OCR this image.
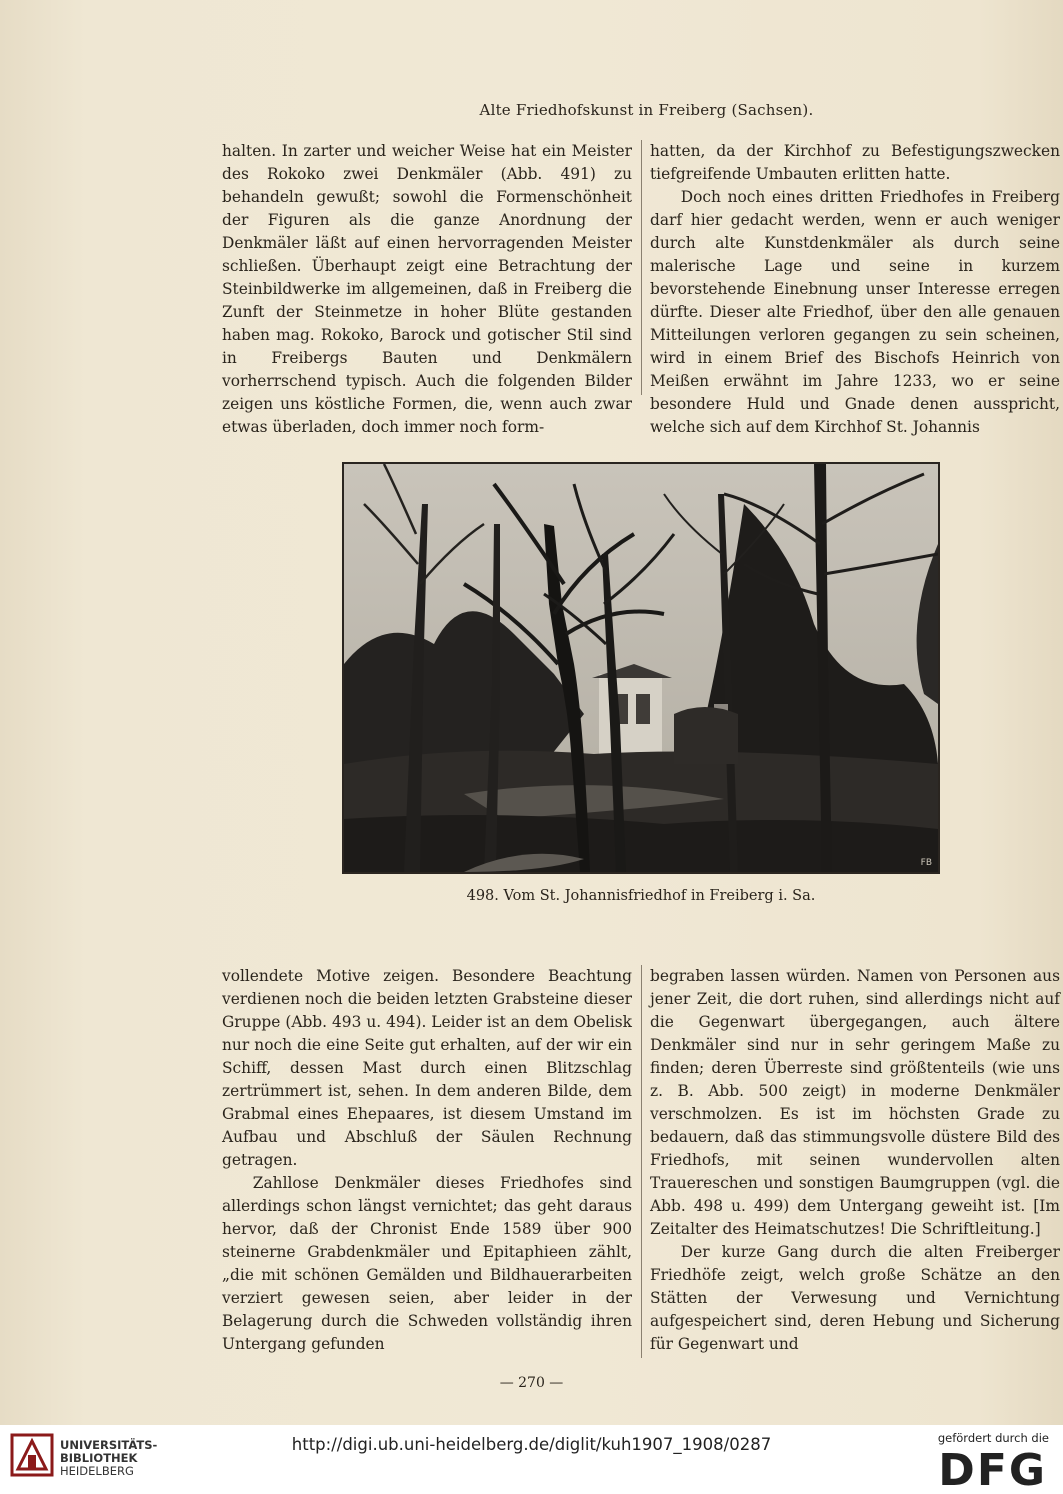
Alte Friedhofskunst in Freiberg (Sachsen).

halten. In zarter und weicher Weise hat ein Meister des Rokoko zwei Denkmäler (Abb. 491) zu behandeln gewußt; sowohl die Formenschönheit der Figuren als die ganze Anordnung der Denkmäler läßt auf einen hervorragenden Meister schließen. Überhaupt zeigt eine Betrachtung der Steinbildwerke im allgemeinen, daß in Freiberg die Zunft der Steinmetze in hoher Blüte gestanden haben mag. Rokoko, Barock und gotischer Stil sind in Freibergs Bauten und Denkmälern vorherrschend typisch. Auch die folgenden Bilder zeigen uns köstliche Formen, die, wenn auch zwar etwas überladen, doch immer noch form-

hatten, da der Kirchhof zu Befestigungszwecken tiefgreifende Umbauten erlitten hatte.

Doch noch eines dritten Friedhofes in Freiberg darf hier gedacht werden, wenn er auch weniger durch alte Kunstdenkmäler als durch seine malerische Lage und seine in kurzem bevorstehende Einebnung unser Interesse erregen dürfte. Dieser alte Friedhof, über den alle genauen Mitteilungen verloren gegangen zu sein scheinen, wird in einem Brief des Bischofs Heinrich von Meißen erwähnt im Jahre 1233, wo er seine besondere Huld und Gnade denen ausspricht, welche sich auf dem Kirchhof St. Johannis

FB
498. Vom St. Johannisfriedhof in Freiberg i. Sa.

vollendete Motive zeigen. Besondere Beachtung verdienen noch die beiden letzten Grabsteine dieser Gruppe (Abb. 493 u. 494). Leider ist an dem Obelisk nur noch die eine Seite gut erhalten, auf der wir ein Schiff, dessen Mast durch einen Blitzschlag zertrümmert ist, sehen. In dem anderen Bilde, dem Grabmal eines Ehepaares, ist diesem Umstand im Aufbau und Abschluß der Säulen Rechnung getragen.

Zahllose Denkmäler dieses Friedhofes sind allerdings schon längst vernichtet; das geht daraus hervor, daß der Chronist Ende 1589 über 900 steinerne Grabdenkmäler und Epitaphieen zählt, „die mit schönen Gemälden und Bildhauerarbeiten verziert gewesen seien, aber leider in der Belagerung durch die Schweden vollständig ihren Untergang gefunden

begraben lassen würden. Namen von Personen aus jener Zeit, die dort ruhen, sind allerdings nicht auf die Gegenwart übergegangen, auch ältere Denkmäler sind nur in sehr geringem Maße zu finden; deren Überreste sind größtenteils (wie uns z. B. Abb. 500 zeigt) in moderne Denkmäler verschmolzen. Es ist im höchsten Grade zu bedauern, daß das stimmungsvolle düstere Bild des Friedhofs, mit seinen wundervollen alten Trauereschen und sonstigen Baumgruppen (vgl. die Abb. 498 u. 499) dem Untergang geweiht ist. [Im Zeitalter des Heimatschutzes! Die Schriftleitung.]

Der kurze Gang durch die alten Freiberger Friedhöfe zeigt, welch große Schätze an den Stätten der Verwesung und Vernichtung aufgespeichert sind, deren Hebung und Sicherung für Gegenwart und

— 270 —
UNIVERSITÄTS-
BIBLIOTHEK
HEIDELBERG
http://digi.ub.uni-heidelberg.de/diglit/kuh1907_1908/0287	gefördert durch die
DFG
